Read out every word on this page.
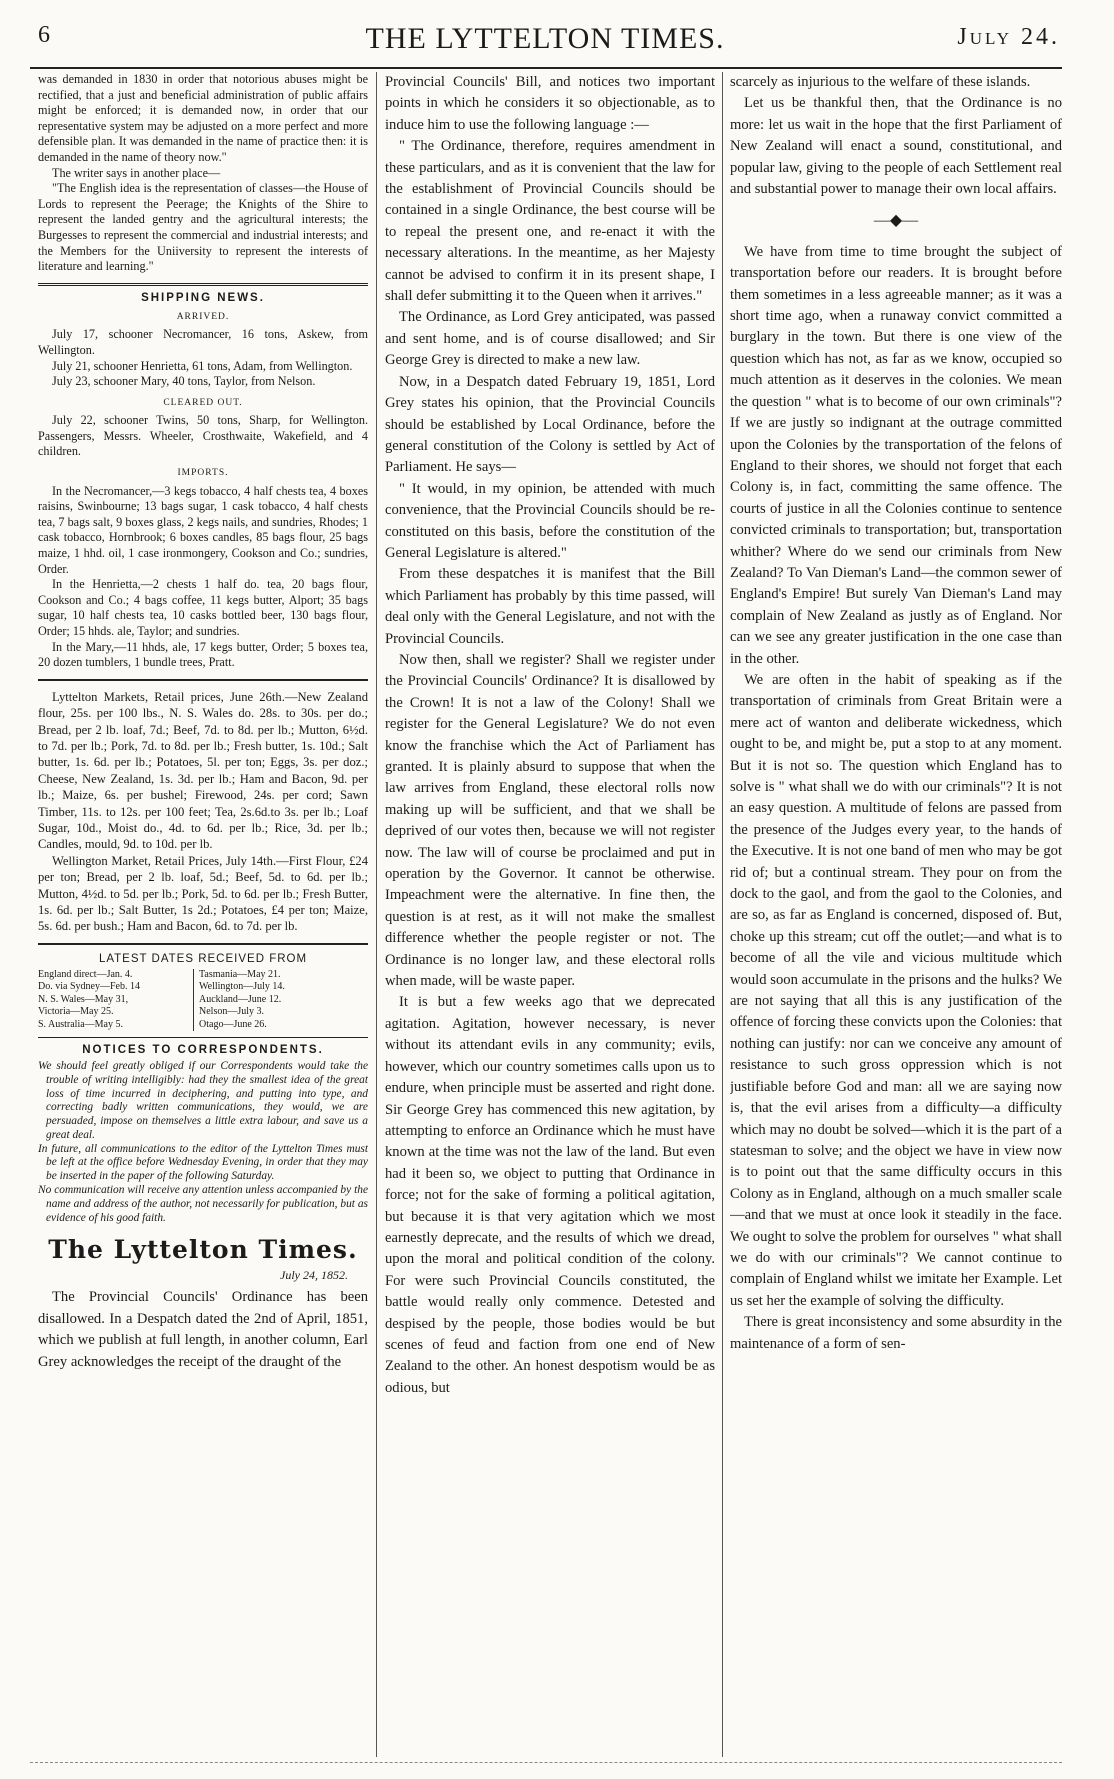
6	THE LYTTELTON TIMES.	July 24.

was demanded in 1830 in order that notorious abuses might be rectified, that a just and beneficial administration of public affairs might be enforced; it is demanded now, in order that our representative system may be adjusted on a more perfect and more defensible plan. It was demanded in the name of practice then: it is demanded in the name of theory now."

The writer says in another place—

"The English idea is the representation of classes—the House of Lords to represent the Peerage; the Knights of the Shire to represent the landed gentry and the agricultural interests; the Burgesses to represent the commercial and industrial interests; and the Members for the Uniiversity to represent the interests of literature and learning."

SHIPPING NEWS.
ARRIVED.

July 17, schooner Necromancer, 16 tons, Askew, from Wellington.

July 21, schooner Henrietta, 61 tons, Adam, from Wellington.

July 23, schooner Mary, 40 tons, Taylor, from Nelson.

CLEARED OUT.

July 22, schooner Twins, 50 tons, Sharp, for Wellington. Passengers, Messrs. Wheeler, Crosthwaite, Wakefield, and 4 children.

IMPORTS.

In the Necromancer,—3 kegs tobacco, 4 half chests tea, 4 boxes raisins, Swinbourne; 13 bags sugar, 1 cask tobacco, 4 half chests tea, 7 bags salt, 9 boxes glass, 2 kegs nails, and sundries, Rhodes; 1 cask tobacco, Hornbrook; 6 boxes candles, 85 bags flour, 25 bags maize, 1 hhd. oil, 1 case ironmongery, Cookson and Co.; sundries, Order.

In the Henrietta,—2 chests 1 half do. tea, 20 bags flour, Cookson and Co.; 4 bags coffee, 11 kegs butter, Alport; 35 bags sugar, 10 half chests tea, 10 casks bottled beer, 130 bags flour, Order; 15 hhds. ale, Taylor; and sundries.

In the Mary,—11 hhds, ale, 17 kegs butter, Order; 5 boxes tea, 20 dozen tumblers, 1 bundle trees, Pratt.

Lyttelton Markets, Retail prices, June 26th.—New Zealand flour, 25s. per 100 lbs., N. S. Wales do. 28s. to 30s. per do.; Bread, per 2 lb. loaf, 7d.; Beef, 7d. to 8d. per lb.; Mutton, 6½d. to 7d. per lb.; Pork, 7d. to 8d. per lb.; Fresh butter, 1s. 10d.; Salt butter, 1s. 6d. per lb.; Potatoes, 5l. per ton; Eggs, 3s. per doz.; Cheese, New Zealand, 1s. 3d. per lb.; Ham and Bacon, 9d. per lb.; Maize, 6s. per bushel; Firewood, 24s. per cord; Sawn Timber, 11s. to 12s. per 100 feet; Tea, 2s.6d.to 3s. per lb.; Loaf Sugar, 10d., Moist do., 4d. to 6d. per lb.; Rice, 3d. per lb.; Candles, mould, 9d. to 10d. per lb.

Wellington Market, Retail Prices, July 14th.—First Flour, £24 per ton; Bread, per 2 lb. loaf, 5d.; Beef, 5d. to 6d. per lb.; Mutton, 4½d. to 5d. per lb.; Pork, 5d. to 6d. per lb.; Fresh Butter, 1s. 6d. per lb.; Salt Butter, 1s 2d.; Potatoes, £4 per ton; Maize, 5s. 6d. per bush.; Ham and Bacon, 6d. to 7d. per lb.

LATEST DATES RECEIVED FROM
England direct—Jan. 4.
Do. via Sydney—Feb. 14
N. S. Wales—May 31,
Victoria—May 25.
S. Australia—May 5.
Tasmania—May 21.
Wellington—July 14.
Auckland—June 12.
Nelson—July 3.
Otago—June 26.
NOTICES TO CORRESPONDENTS.

We should feel greatly obliged if our Correspondents would take the trouble of writing intelligibly: had they the smallest idea of the great loss of time incurred in deciphering, and putting into type, and correcting badly written communications, they would, we are persuaded, impose on themselves a little extra labour, and save us a great deal.

In future, all communications to the editor of the Lyttelton Times must be left at the office before Wednesday Evening, in order that they may be inserted in the paper of the following Saturday.

No communication will receive any attention unless accompanied by the name and address of the author, not necessarily for publication, but as evidence of his good faith.

The Lyttelton Times.
July 24, 1852.

The Provincial Councils' Ordinance has been disallowed. In a Despatch dated the 2nd of April, 1851, which we publish at full length, in another column, Earl Grey acknowledges the receipt of the draught of the

Provincial Councils' Bill, and notices two important points in which he considers it so objectionable, as to induce him to use the following language :—

" The Ordinance, therefore, requires amendment in these particulars, and as it is convenient that the law for the establishment of Provincial Councils should be contained in a single Ordinance, the best course will be to repeal the present one, and re-enact it with the necessary alterations. In the meantime, as her Majesty cannot be advised to confirm it in its present shape, I shall defer submitting it to the Queen when it arrives."

The Ordinance, as Lord Grey anticipated, was passed and sent home, and is of course disallowed; and Sir George Grey is directed to make a new law.

Now, in a Despatch dated February 19, 1851, Lord Grey states his opinion, that the Provincial Councils should be established by Local Ordinance, before the general constitution of the Colony is settled by Act of Parliament. He says—

" It would, in my opinion, be attended with much convenience, that the Provincial Councils should be re-constituted on this basis, before the constitution of the General Legislature is altered."

From these despatches it is manifest that the Bill which Parliament has probably by this time passed, will deal only with the General Legislature, and not with the Provincial Councils.

Now then, shall we register? Shall we register under the Provincial Councils' Ordinance? It is disallowed by the Crown! It is not a law of the Colony! Shall we register for the General Legislature? We do not even know the franchise which the Act of Parliament has granted. It is plainly absurd to suppose that when the law arrives from England, these electoral rolls now making up will be sufficient, and that we shall be deprived of our votes then, because we will not register now. The law will of course be proclaimed and put in operation by the Governor. It cannot be otherwise. Impeachment were the alternative. In fine then, the question is at rest, as it will not make the smallest difference whether the people register or not. The Ordinance is no longer law, and these electoral rolls when made, will be waste paper.

It is but a few weeks ago that we deprecated agitation. Agitation, however necessary, is never without its attendant evils in any community; evils, however, which our country sometimes calls upon us to endure, when principle must be asserted and right done. Sir George Grey has commenced this new agitation, by attempting to enforce an Ordinance which he must have known at the time was not the law of the land. But even had it been so, we object to putting that Ordinance in force; not for the sake of forming a political agitation, but because it is that very agitation which we most earnestly deprecate, and the results of which we dread, upon the moral and political condition of the colony. For were such Provincial Councils constituted, the battle would really only commence. Detested and despised by the people, those bodies would be but scenes of feud and faction from one end of New Zealand to the other. An honest despotism would be as odious, but

scarcely as injurious to the welfare of these islands.

Let us be thankful then, that the Ordinance is no more: let us wait in the hope that the first Parliament of New Zealand will enact a sound, constitutional, and popular law, giving to the people of each Settlement real and substantial power to manage their own local affairs.

—◆—

We have from time to time brought the subject of transportation before our readers. It is brought before them sometimes in a less agreeable manner; as it was a short time ago, when a runaway convict committed a burglary in the town. But there is one view of the question which has not, as far as we know, occupied so much attention as it deserves in the colonies. We mean the question " what is to become of our own criminals"? If we are justly so indignant at the outrage committed upon the Colonies by the transportation of the felons of England to their shores, we should not forget that each Colony is, in fact, committing the same offence. The courts of justice in all the Colonies continue to sentence convicted criminals to transportation; but, transportation whither? Where do we send our criminals from New Zealand? To Van Dieman's Land—the common sewer of England's Empire! But surely Van Dieman's Land may complain of New Zealand as justly as of England. Nor can we see any greater justification in the one case than in the other.

We are often in the habit of speaking as if the transportation of criminals from Great Britain were a mere act of wanton and deliberate wickedness, which ought to be, and might be, put a stop to at any moment. But it is not so. The question which England has to solve is " what shall we do with our criminals"? It is not an easy question. A multitude of felons are passed from the presence of the Judges every year, to the hands of the Executive. It is not one band of men who may be got rid of; but a continual stream. They pour on from the dock to the gaol, and from the gaol to the Colonies, and are so, as far as England is concerned, disposed of. But, choke up this stream; cut off the outlet;—and what is to become of all the vile and vicious multitude which would soon accumulate in the prisons and the hulks? We are not saying that all this is any justification of the offence of forcing these convicts upon the Colonies: that nothing can justify: nor can we conceive any amount of resistance to such gross oppression which is not justifiable before God and man: all we are saying now is, that the evil arises from a difficulty—a difficulty which may no doubt be solved—which it is the part of a statesman to solve; and the object we have in view now is to point out that the same difficulty occurs in this Colony as in England, although on a much smaller scale—and that we must at once look it steadily in the face. We ought to solve the problem for ourselves " what shall we do with our criminals"? We cannot continue to complain of England whilst we imitate her Example. Let us set her the example of solving the difficulty.

There is great inconsistency and some absurdity in the maintenance of a form of sen-
